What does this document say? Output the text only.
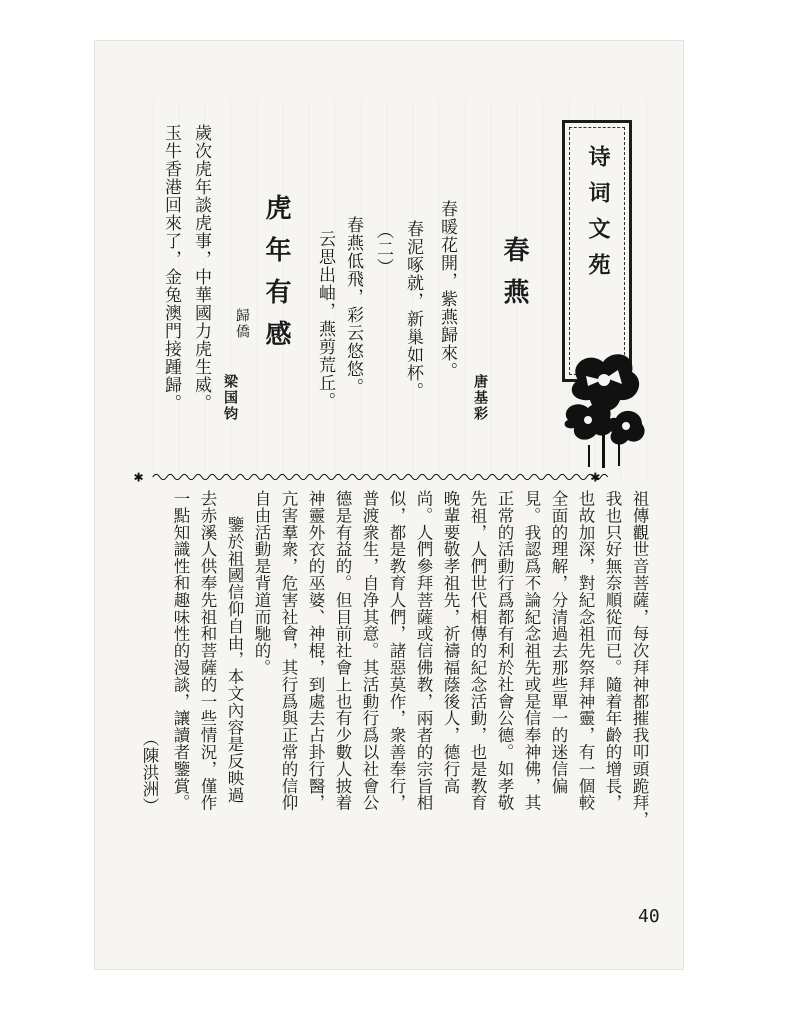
诗词文苑
春燕
唐基彩
春暖花開，紫燕歸來。
春泥啄就，新巢如杯。
（二）
春燕低飛，彩云悠悠。
云思出岫，燕剪荒丘。
虎年有感
歸僑
梁国钧
歲次虎年談虎事，中華國力虎生威。
玉牛香港回來了，金兔澳門接踵歸。
✱	✱
祖傳觀世音菩薩，每次拜神都摧我叩頭跪拜，
我也只好無奈順從而已。隨着年齡的增長，
也故加深，對紀念祖先祭拜神靈，有一個較
全面的理解，分清過去那些單一的迷信偏
見。我認爲不論紀念祖先或是信奉神佛，其
正常的活動行爲都有利於社會公德。如孝敬
先祖，人們世代相傳的紀念活動，也是教育
晚輩要敬孝祖先，祈禱福蔭後人，德行高
尚。人們參拜菩薩或信佛教，兩者的宗旨相
似，都是教育人們，諸惡莫作，衆善奉行，
普渡衆生，自净其意。其活動行爲以社會公
德是有益的。但目前社會上也有少數人披着
神靈外衣的巫婆、神棍，到處去占卦行醫，
亢害羣衆，危害社會，其行爲與正常的信仰
自由活動是背道而馳的。
鑒於祖國信仰自由，本文內容是反映過
去赤溪人供奉先祖和菩薩的一些情況，僅作
一點知識性和趣味性的漫談，讓讀者鑒賞。
（陳洪洲）
40
